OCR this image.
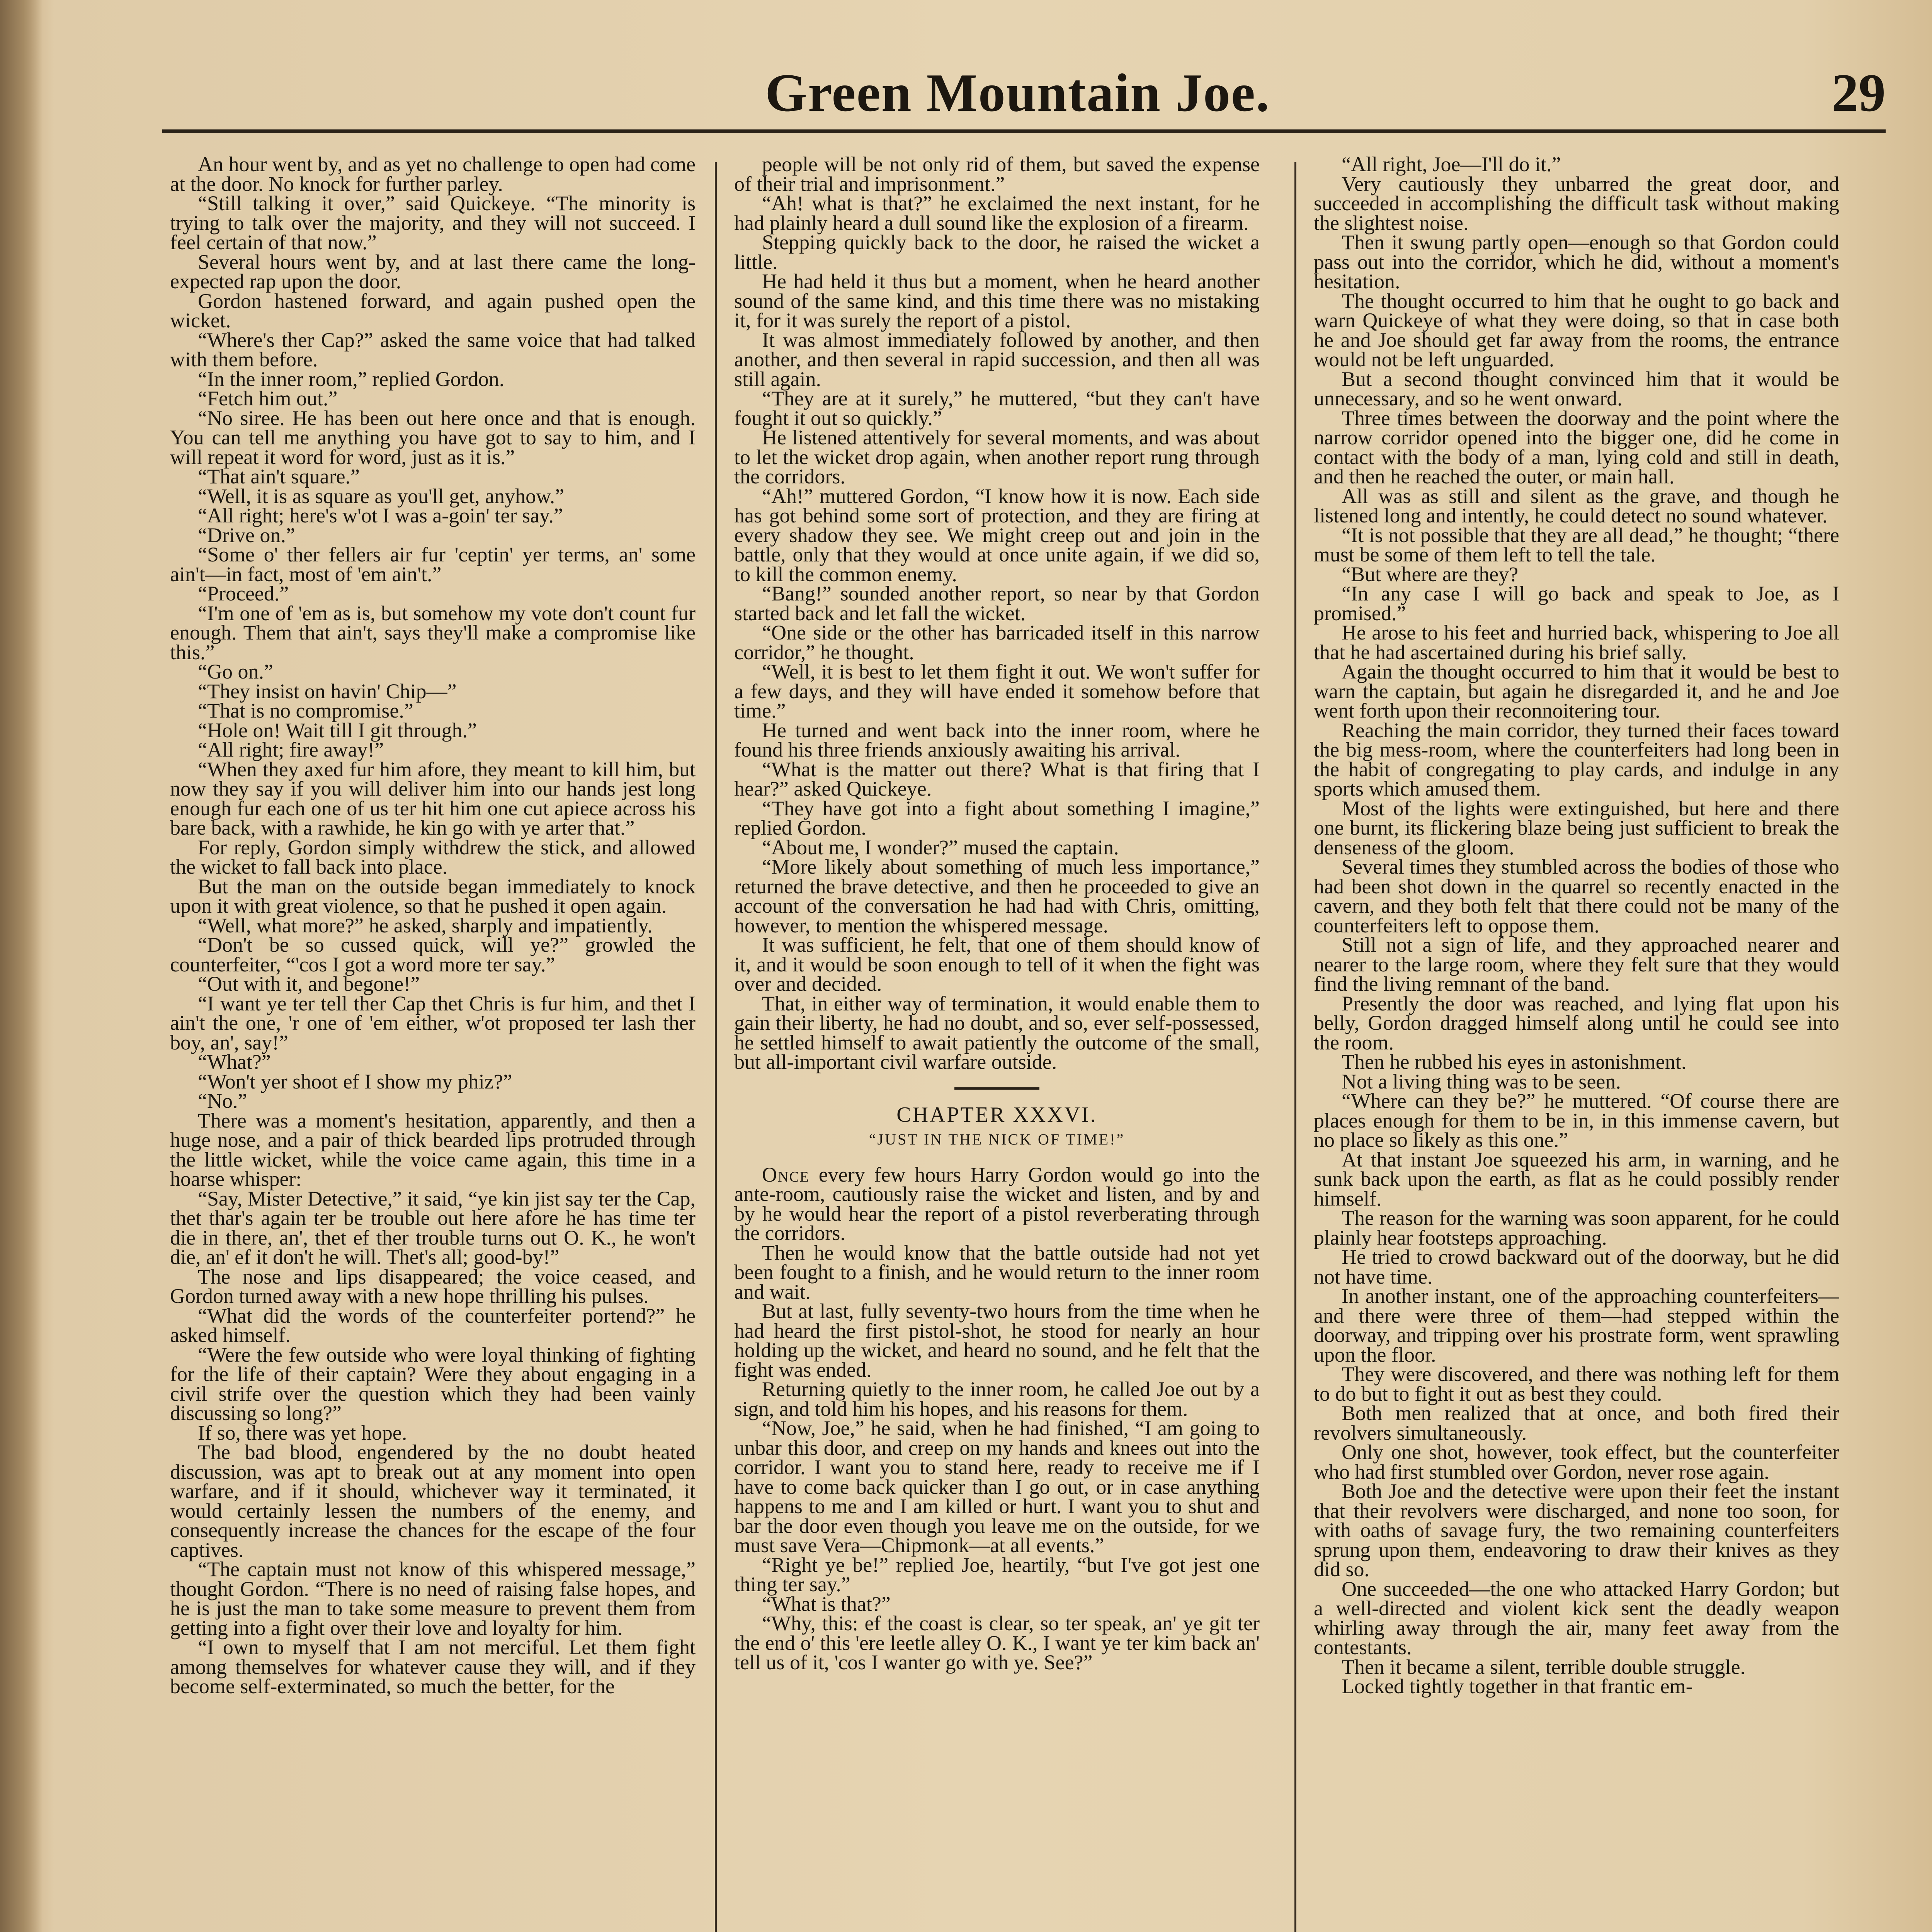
Green Mountain Joe.	29

An hour went by, and as yet no challenge to open had come at the door. No knock for further parley.

“Still talking it over,” said Quickeye. “The minority is trying to talk over the majority, and they will not succeed. I feel certain of that now.”

Several hours went by, and at last there came the long-expected rap upon the door.

Gordon hastened forward, and again pushed open the wicket.

“Where's ther Cap?” asked the same voice that had talked with them before.

“In the inner room,” replied Gordon.

“Fetch him out.”

“No siree. He has been out here once and that is enough. You can tell me anything you have got to say to him, and I will repeat it word for word, just as it is.”

“That ain't square.”

“Well, it is as square as you'll get, anyhow.”

“All right; here's w'ot I was a-goin' ter say.”

“Drive on.”

“Some o' ther fellers air fur 'ceptin' yer terms, an' some ain't—in fact, most of 'em ain't.”

“Proceed.”

“I'm one of 'em as is, but somehow my vote don't count fur enough. Them that ain't, says they'll make a compromise like this.”

“Go on.”

“They insist on havin' Chip—”

“That is no compromise.”

“Hole on! Wait till I git through.”

“All right; fire away!”

“When they axed fur him afore, they meant to kill him, but now they say if you will deliver him into our hands jest long enough fur each one of us ter hit him one cut apiece across his bare back, with a rawhide, he kin go with ye arter that.”

For reply, Gordon simply withdrew the stick, and allowed the wicket to fall back into place.

But the man on the outside began immediately to knock upon it with great violence, so that he pushed it open again.

“Well, what more?” he asked, sharply and impatiently.

“Don't be so cussed quick, will ye?” growled the counterfeiter, “'cos I got a word more ter say.”

“Out with it, and begone!”

“I want ye ter tell ther Cap thet Chris is fur him, and thet I ain't the one, 'r one of 'em either, w'ot proposed ter lash ther boy, an', say!”

“What?”

“Won't yer shoot ef I show my phiz?”

“No.”

There was a moment's hesitation, apparently, and then a huge nose, and a pair of thick bearded lips protruded through the little wicket, while the voice came again, this time in a hoarse whisper:

“Say, Mister Detective,” it said, “ye kin jist say ter the Cap, thet thar's again ter be trouble out here afore he has time ter die in there, an', thet ef ther trouble turns out O. K., he won't die, an' ef it don't he will. Thet's all; good-by!”

The nose and lips disappeared; the voice ceased, and Gordon turned away with a new hope thrilling his pulses.

“What did the words of the counterfeiter portend?” he asked himself.

“Were the few outside who were loyal thinking of fighting for the life of their captain? Were they about engaging in a civil strife over the question which they had been vainly discussing so long?”

If so, there was yet hope.

The bad blood, engendered by the no doubt heated discussion, was apt to break out at any moment into open warfare, and if it should, whichever way it terminated, it would certainly lessen the numbers of the enemy, and consequently increase the chances for the escape of the four captives.

“The captain must not know of this whispered message,” thought Gordon. “There is no need of raising false hopes, and he is just the man to take some measure to prevent them from getting into a fight over their love and loyalty for him.

“I own to myself that I am not merciful. Let them fight among themselves for whatever cause they will, and if they become self-exterminated, so much the better, for the

people will be not only rid of them, but saved the expense of their trial and imprisonment.”

“Ah! what is that?” he exclaimed the next instant, for he had plainly heard a dull sound like the explosion of a firearm.

Stepping quickly back to the door, he raised the wicket a little.

He had held it thus but a moment, when he heard another sound of the same kind, and this time there was no mistaking it, for it was surely the report of a pistol.

It was almost immediately followed by another, and then another, and then several in rapid succession, and then all was still again.

“They are at it surely,” he muttered, “but they can't have fought it out so quickly.”

He listened attentively for several moments, and was about to let the wicket drop again, when another report rung through the corridors.

“Ah!” muttered Gordon, “I know how it is now. Each side has got behind some sort of protection, and they are firing at every shadow they see. We might creep out and join in the battle, only that they would at once unite again, if we did so, to kill the common enemy.

“Bang!” sounded another report, so near by that Gordon started back and let fall the wicket.

“One side or the other has barricaded itself in this narrow corridor,” he thought.

“Well, it is best to let them fight it out. We won't suffer for a few days, and they will have ended it somehow before that time.”

He turned and went back into the inner room, where he found his three friends anxiously awaiting his arrival.

“What is the matter out there? What is that firing that I hear?” asked Quickeye.

“They have got into a fight about something I imagine,” replied Gordon.

“About me, I wonder?” mused the captain.

“More likely about something of much less importance,” returned the brave detective, and then he proceeded to give an account of the conversation he had had with Chris, omitting, however, to mention the whispered message.

It was sufficient, he felt, that one of them should know of it, and it would be soon enough to tell of it when the fight was over and decided.

That, in either way of termination, it would enable them to gain their liberty, he had no doubt, and so, ever self-possessed, he settled himself to await patiently the outcome of the small, but all-important civil warfare outside.

CHAPTER XXXVI.
“JUST IN THE NICK OF TIME!”

Once every few hours Harry Gordon would go into the ante-room, cautiously raise the wicket and listen, and by and by he would hear the report of a pistol reverberating through the corridors.

Then he would know that the battle outside had not yet been fought to a finish, and he would return to the inner room and wait.

But at last, fully seventy-two hours from the time when he had heard the first pistol-shot, he stood for nearly an hour holding up the wicket, and heard no sound, and he felt that the fight was ended.

Returning quietly to the inner room, he called Joe out by a sign, and told him his hopes, and his reasons for them.

“Now, Joe,” he said, when he had finished, “I am going to unbar this door, and creep on my hands and knees out into the corridor. I want you to stand here, ready to receive me if I have to come back quicker than I go out, or in case anything happens to me and I am killed or hurt. I want you to shut and bar the door even though you leave me on the outside, for we must save Vera—Chipmonk—at all events.”

“Right ye be!” replied Joe, heartily, “but I've got jest one thing ter say.”

“What is that?”

“Why, this: ef the coast is clear, so ter speak, an' ye git ter the end o' this 'ere leetle alley O. K., I want ye ter kim back an' tell us of it, 'cos I wanter go with ye. See?”

“All right, Joe—I'll do it.”

Very cautiously they unbarred the great door, and succeeded in accomplishing the difficult task without making the slightest noise.

Then it swung partly open—enough so that Gordon could pass out into the corridor, which he did, without a moment's hesitation.

The thought occurred to him that he ought to go back and warn Quickeye of what they were doing, so that in case both he and Joe should get far away from the rooms, the entrance would not be left unguarded.

But a second thought convinced him that it would be unnecessary, and so he went onward.

Three times between the doorway and the point where the narrow corridor opened into the bigger one, did he come in contact with the body of a man, lying cold and still in death, and then he reached the outer, or main hall.

All was as still and silent as the grave, and though he listened long and intently, he could detect no sound whatever.

“It is not possible that they are all dead,” he thought; “there must be some of them left to tell the tale.

“But where are they?

“In any case I will go back and speak to Joe, as I promised.”

He arose to his feet and hurried back, whispering to Joe all that he had ascertained during his brief sally.

Again the thought occurred to him that it would be best to warn the captain, but again he disregarded it, and he and Joe went forth upon their reconnoitering tour.

Reaching the main corridor, they turned their faces toward the big mess-room, where the counterfeiters had long been in the habit of congregating to play cards, and indulge in any sports which amused them.

Most of the lights were extinguished, but here and there one burnt, its flickering blaze being just sufficient to break the denseness of the gloom.

Several times they stumbled across the bodies of those who had been shot down in the quarrel so recently enacted in the cavern, and they both felt that there could not be many of the counterfeiters left to oppose them.

Still not a sign of life, and they approached nearer and nearer to the large room, where they felt sure that they would find the living remnant of the band.

Presently the door was reached, and lying flat upon his belly, Gordon dragged himself along until he could see into the room.

Then he rubbed his eyes in astonishment.

Not a living thing was to be seen.

“Where can they be?” he muttered. “Of course there are places enough for them to be in, in this immense cavern, but no place so likely as this one.”

At that instant Joe squeezed his arm, in warning, and he sunk back upon the earth, as flat as he could possibly render himself.

The reason for the warning was soon apparent, for he could plainly hear footsteps approaching.

He tried to crowd backward out of the doorway, but he did not have time.

In another instant, one of the approaching counterfeiters—and there were three of them—had stepped within the doorway, and tripping over his prostrate form, went sprawling upon the floor.

They were discovered, and there was nothing left for them to do but to fight it out as best they could.

Both men realized that at once, and both fired their revolvers simultaneously.

Only one shot, however, took effect, but the counterfeiter who had first stumbled over Gordon, never rose again.

Both Joe and the detective were upon their feet the instant that their revolvers were discharged, and none too soon, for with oaths of savage fury, the two remaining counterfeiters sprung upon them, endeavoring to draw their knives as they did so.

One succeeded—the one who attacked Harry Gordon; but a well-directed and violent kick sent the deadly weapon whirling away through the air, many feet away from the contestants.

Then it became a silent, terrible double struggle.

Locked tightly together in that frantic em-
